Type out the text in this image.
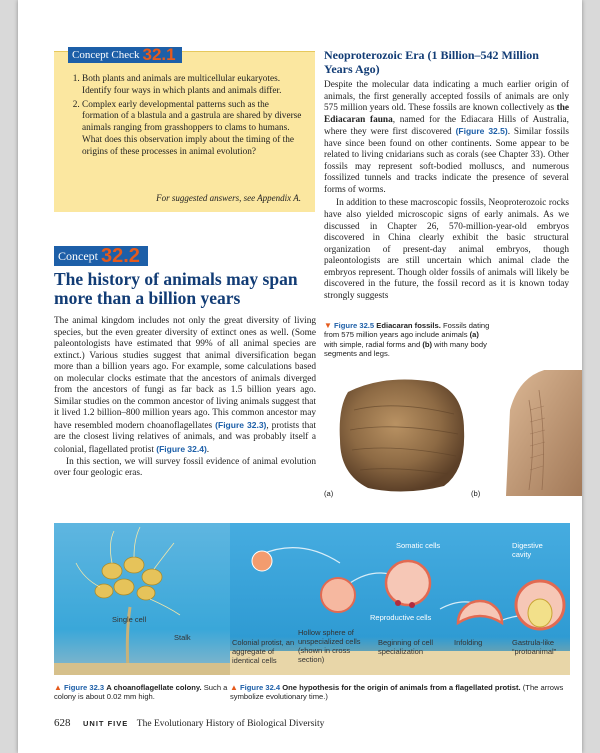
Concept Check 32.1
1. Both plants and animals are multicellular eukaryotes. Identify four ways in which plants and animals differ.
2. Complex early developmental patterns such as the formation of a blastula and a gastrula are shared by diverse animals ranging from grasshoppers to clams to humans. What does this observation imply about the timing of the origins of these processes in animal evolution?
For suggested answers, see Appendix A.
Concept 32.2
The history of animals may span more than a billion years

The animal kingdom includes not only the great diversity of living species, but the even greater diversity of extinct ones as well. (Some paleontologists have estimated that 99% of all animal species are extinct.) Various studies suggest that animal diversification began more than a billion years ago. For example, some calculations based on molecular clocks estimate that the ancestors of animals diverged from the ancestors of fungi as far back as 1.5 billion years ago. Similar studies on the common ancestor of living animals suggest that it lived 1.2 billion–800 million years ago. This common ancestor may have resembled modern choanoflagellates (Figure 32.3), protists that are the closest living relatives of animals, and was probably itself a colonial, flagellated protist (Figure 32.4).

In this section, we will survey fossil evidence of animal evolution over four geologic eras.

Neoproterozoic Era (1 Billion–542 Million Years Ago)

Despite the molecular data indicating a much earlier origin of animals, the first generally accepted fossils of animals are only 575 million years old. These fossils are known collectively as the Ediacaran fauna, named for the Ediacara Hills of Australia, where they were first discovered (Figure 32.5). Similar fossils have since been found on other continents. Some appear to be related to living cnidarians such as corals (see Chapter 33). Other fossils may represent soft-bodied molluscs, and numerous fossilized tunnels and tracks indicate the presence of several forms of worms.

In addition to these macroscopic fossils, Neoproterozoic rocks have also yielded microscopic signs of early animals. As we discussed in Chapter 26, 570-million-year-old embryos discovered in China clearly exhibit the basic structural organization of present-day animal embryos, though paleontologists are still uncertain which animal clade the embryos represent. Though older fossils of animals will likely be discovered in the future, the fossil record as it is known today strongly suggests

▼ Figure 32.5 Ediacaran fossils. Fossils dating from 575 million years ago include animals (a) with simple, radial forms and (b) with many body segments and legs.
(a)	(b)
Single cell
Stalk
▲ Figure 32.3 A choanoflagellate colony. Such a colony is about 0.02 mm high.
Somatic cells	Digestive cavity
Reproductive cells
Colonial protist, an aggregate of identical cells
Hollow sphere of unspecialized cells (shown in cross section)
Beginning of cell specialization
Infolding	Gastrula-like “protoanimal”
▲ Figure 32.4 One hypothesis for the origin of animals from a flagellated protist. (The arrows symbolize evolutionary time.)
628 UNIT FIVE The Evolutionary History of Biological Diversity
